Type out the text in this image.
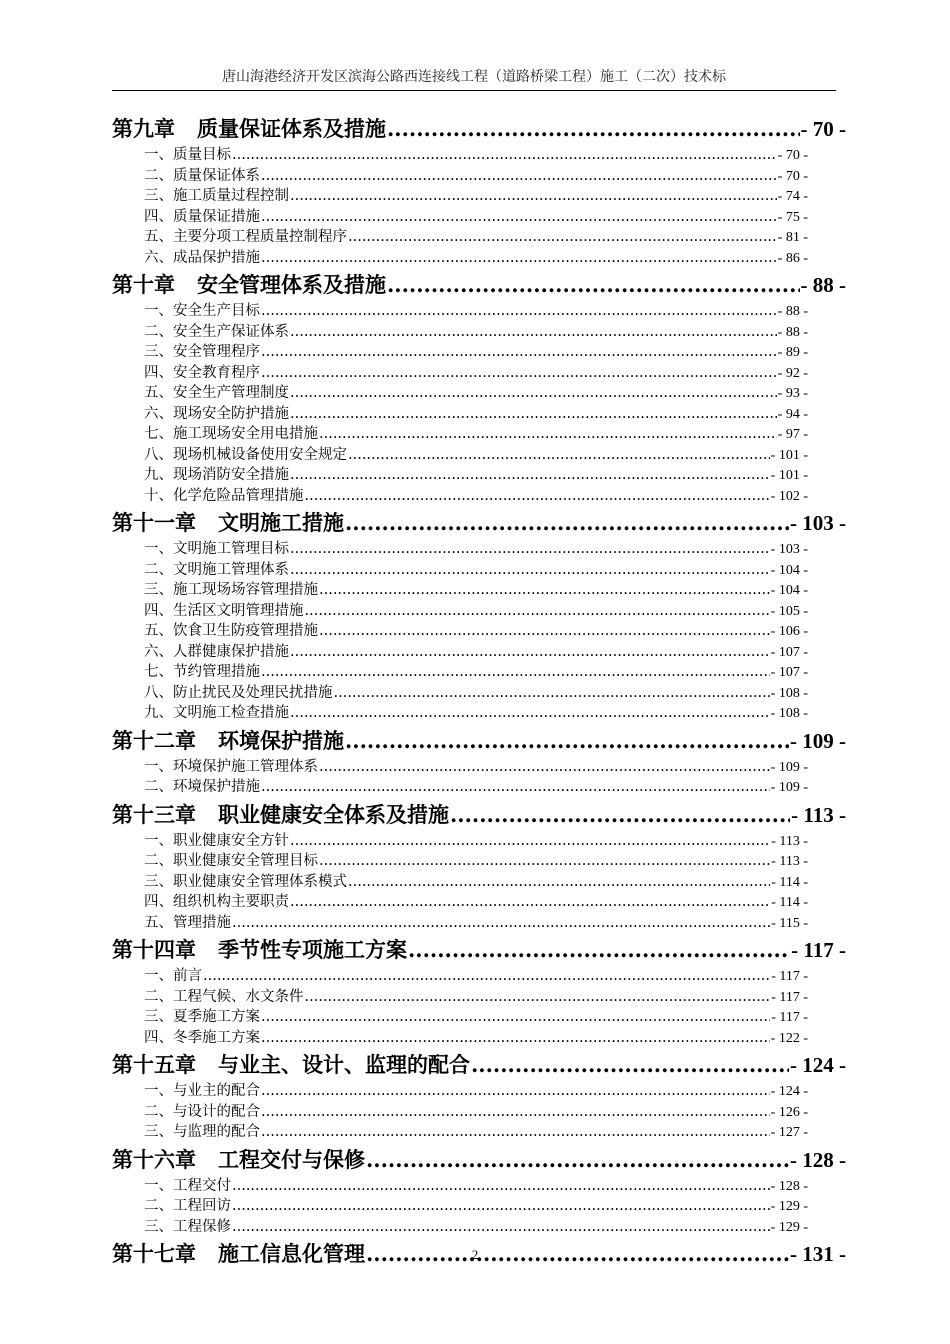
唐山海港经济开发区滨海公路西连接线工程（道路桥梁工程）施工（二次）技术标
第九章 质量保证体系及措施 .....	- 70 -
一、质量目标 .....	- 70 -
二、质量保证体系 .....	- 70 -
三、施工质量过程控制 .....	- 74 -
四、质量保证措施 .....	- 75 -
五、主要分项工程质量控制程序 .....	- 81 -
六、成品保护措施 .....	- 86 -
第十章 安全管理体系及措施 .....	- 88 -
一、安全生产目标 .....	- 88 -
二、安全生产保证体系 .....	- 88 -
三、安全管理程序 .....	- 89 -
四、安全教育程序 .....	- 92 -
五、安全生产管理制度 .....	- 93 -
六、现场安全防护措施 .....	- 94 -
七、施工现场安全用电措施 .....	- 97 -
八、现场机械设备使用安全规定 .....	- 101 -
九、现场消防安全措施 .....	- 101 -
十、化学危险品管理措施 .....	- 102 -
第十一章 文明施工措施 .....	- 103 -
一、文明施工管理目标 .....	- 103 -
二、文明施工管理体系 .....	- 104 -
三、施工现场场容管理措施 .....	- 104 -
四、生活区文明管理措施 .....	- 105 -
五、饮食卫生防疫管理措施 .....	- 106 -
六、人群健康保护措施 .....	- 107 -
七、节约管理措施 .....	- 107 -
八、防止扰民及处理民扰措施 .....	- 108 -
九、文明施工检查措施 .....	- 108 -
第十二章 环境保护措施 .....	- 109 -
一、环境保护施工管理体系 .....	- 109 -
二、环境保护措施 .....	- 109 -
第十三章 职业健康安全体系及措施 .....	- 113 -
一、职业健康安全方针 .....	- 113 -
二、职业健康安全管理目标 .....	- 113 -
三、职业健康安全管理体系模式 .....	- 114 -
四、组织机构主要职责 .....	- 114 -
五、管理措施 .....	- 115 -
第十四章 季节性专项施工方案 .....	- 117 -
一、前言 .....	- 117 -
二、工程气候、水文条件 .....	- 117 -
三、夏季施工方案 .....	- 117 -
四、冬季施工方案 .....	- 122 -
第十五章 与业主、设计、监理的配合 .....	- 124 -
一、与业主的配合 .....	- 124 -
二、与设计的配合 .....	- 126 -
三、与监理的配合 .....	- 127 -
第十六章 工程交付与保修 .....	- 128 -
一、工程交付 .....	- 128 -
二、工程回访 .....	- 129 -
三、工程保修 .....	- 129 -
第十七章 施工信息化管理 .....	- 131 -
2
